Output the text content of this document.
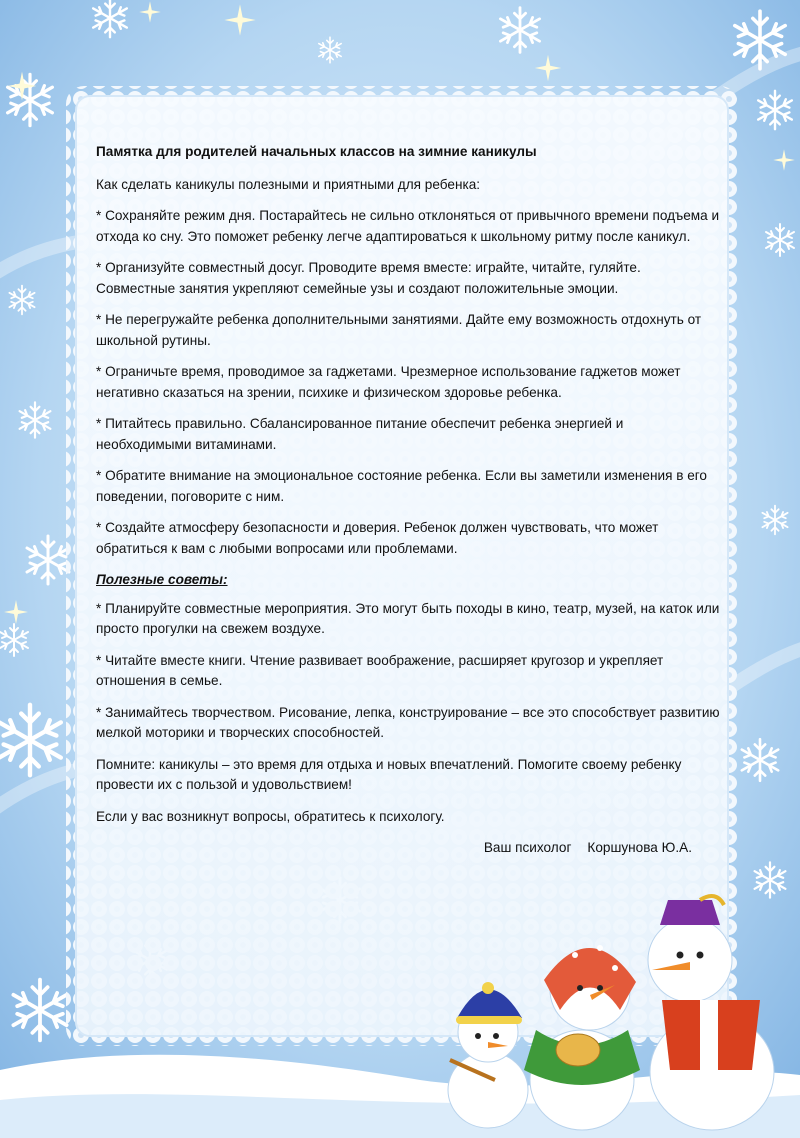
Памятка для родителей начальных классов на зимние каникулы

Как сделать каникулы полезными и приятными для ребенка:

* Сохраняйте режим дня. Постарайтесь не сильно отклоняться от привычного времени подъема и отхода ко сну. Это поможет ребенку легче адаптироваться к школьному ритму после каникул.

* Организуйте совместный досуг. Проводите время вместе: играйте, читайте, гуляйте. Совместные занятия укрепляют семейные узы и создают положительные эмоции.

* Не перегружайте ребенка дополнительными занятиями. Дайте ему возможность отдохнуть от школьной рутины.

* Ограничьте время, проводимое за гаджетами. Чрезмерное использование гаджетов может негативно сказаться на зрении, психике и физическом здоровье ребенка.

* Питайтесь правильно. Сбалансированное питание обеспечит ребенка энергией и необходимыми витаминами.

* Обратите внимание на эмоциональное состояние ребенка. Если вы заметили изменения в его поведении, поговорите с ним.

* Создайте атмосферу безопасности и доверия. Ребенок должен чувствовать, что может обратиться к вам с любыми вопросами или проблемами.

Полезные советы:

* Планируйте совместные мероприятия. Это могут быть походы в кино, театр, музей, на каток или просто прогулки на свежем воздухе.

* Читайте вместе книги. Чтение развивает воображение, расширяет кругозор и укрепляет отношения в семье.

* Занимайтесь творчеством. Рисование, лепка, конструирование – все это способствует развитию мелкой моторики и творческих способностей.

Помните: каникулы – это время для отдыха и новых впечатлений. Помогите своему ребенку провести их с пользой и удовольствием!

Если у вас возникнут вопросы, обратитесь к психологу.

Ваш психолог Коршунова Ю.А.
